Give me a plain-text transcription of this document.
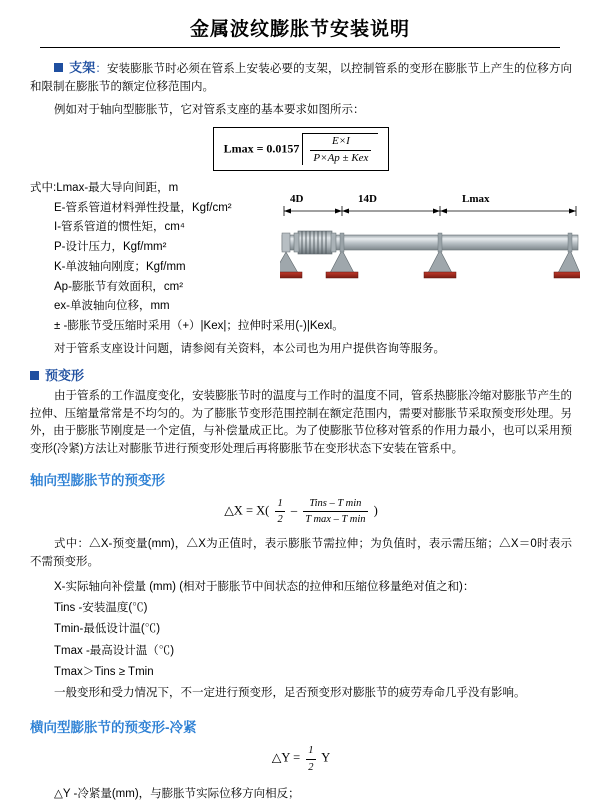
金属波纹膨胀节安装说明

支架：安装膨胀节时必须在管系上安装必要的支架，以控制管系的变形在膨胀节上产生的位移方向和限制在膨胀节的额定位移范围内。

例如对于轴向型膨胀节，它对管系支座的基本要求如图所示：

$Lmax = 0.0157 \frac{E\times I}{\text{P×Ap ± Kex}}$
式中:Lmax-最大导向间距，m
E-管系管道材料弹性投量，Kgf/cm²
I-管系管道的惯性矩，cm⁴
P-设计压力，Kgf/mm²
K-单波轴向刚度；Kgf/mm
Ap-膨胀节有效面积，cm²
ex-单波轴向位移，mm
± -膨胀节受压缩时采用（+）|Kex|；拉伸时采用(-)|Kexl。
4D	14D	Lmax

对于管系支座设计问题，请参阅有关资料，本公司也为用户提供咨询等服务。

预变形

由于管系的工作温度变化，安装膨胀节时的温度与工作时的温度不同，管系热膨胀冷缩对膨胀节产生的拉伸、压缩量常常是不均匀的。为了膨胀节变形范围控制在额定范围内，需要对膨胀节采取预变形处理。另外，由于膨胀节刚度是一个定值，与补偿量成正比。为了使膨胀节位移对管系的作用力最小，也可以采用预变形(冷紧)方法让对膨胀节进行预变形处理后再将膨胀节在变形状态下安装在管系中。

轴向型膨胀节的预变形
△X = $X( \frac{1}{2} - \frac{\text{Tins – T min}}{\text{T max – T min}}$ )

式中：△X-预变量(mm)，△X为正值时，表示膨胀节需拉伸；为负值时，表示需压缩；△X＝0时表示不需预变形。

X-实际轴向补偿量 (mm) (相对于膨胀节中间状态的拉伸和压缩位移量绝对值之和)：
Tins -安装温度(℃)
Tmin-最低设计温(℃)
Tmax -最高设计温（℃)
Tmax＞Tins ≥ Tmin
一般变形和受力情况下，不一定进行预变形，足否预变形对膨胀节的疲劳寿命几乎没有影响。
横向型膨胀节的预变形-冷紧
△Y = $\frac{1}{2}$ Y
△Y -冷紧量(mm)，与膨胀节实际位移方向相反；
